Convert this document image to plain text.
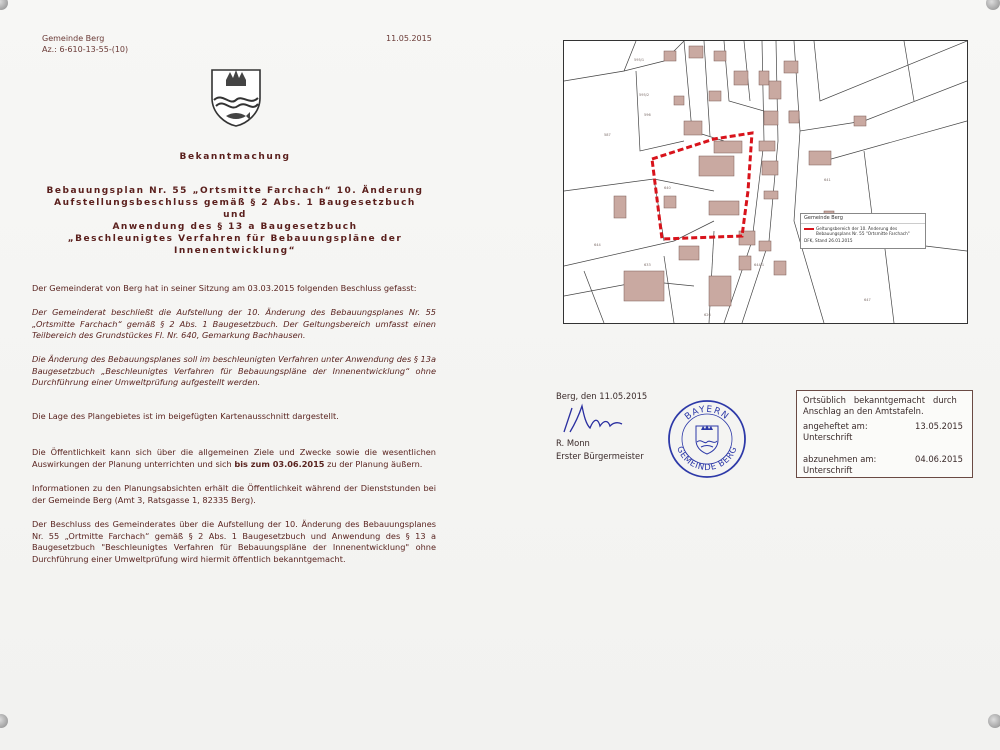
Gemeinde Berg
Az.: 6-610-13-55-(10)
11.05.2015
Bekanntmachung
Bebauungsplan Nr. 55 „Ortsmitte Farchach“ 10. Änderung
Aufstellungsbeschluss gemäß § 2 Abs. 1 Baugesetzbuch
und
Anwendung des § 13 a Baugesetzbuch
„Beschleunigtes Verfahren für Bebauungspläne der
Innenentwicklung“
Der Gemeinderat von Berg hat in seiner Sitzung am 03.03.2015 folgenden Beschluss gefasst:
Der Gemeinderat beschließt die Aufstellung der 10. Änderung des Bebauungsplanes Nr. 55 „Ortsmitte Farchach“ gemäß § 2 Abs. 1 Baugesetzbuch. Der Geltungsbereich umfasst einen Teilbereich des Grundstückes Fl. Nr. 640, Gemarkung Bachhausen.
Die Änderung des Bebauungsplanes soll im beschleunigten Verfahren unter Anwendung des § 13a Baugesetzbuch „Beschleunigtes Verfahren für Bebauungspläne der Innenentwicklung“ ohne Durchführung einer Umweltprüfung aufgestellt werden.
Die Lage des Plangebietes ist im beigefügten Kartenausschnitt dargestellt.
Die Öffentlichkeit kann sich über die allgemeinen Ziele und Zwecke sowie die wesentlichen Auswirkungen der Planung unterrichten und sich bis zum 03.06.2015 zu der Planung äußern.
Informationen zu den Planungsabsichten erhält die Öffentlichkeit während der Dienststunden bei der Gemeinde Berg (Amt 3, Ratsgasse 1, 82335 Berg).
Der Beschluss des Gemeinderates über die Aufstellung der 10. Änderung des Bebauungsplanes Nr. 55 „Ortmitte Farchach“ gemäß § 2 Abs. 1 Baugesetzbuch und Anwendung des § 13 a Baugesetzbuch "Beschleunigtes Verfahren für Bebauungspläne der Innenentwicklung" ohne Durchführung einer Umweltprüfung wird hiermit öffentlich bekanntgemacht.
595/1
595/2
596
587
640
644
633	644/1
626
641
647
Gemeinde Berg
Geltungsbereich der 10. Änderung des Bebauungsplans Nr. 55 "Ortsmitte Farchach"
DFK, Stand 26.01.2015
Berg, den 11.05.2015
R. Monn
Erster Bürgermeister
BAYERN
GEMEINDE BERG
Ortsüblich   bekanntgemacht   durch
Anschlag an den Amtstafeln.
angeheftet am:	13.05.2015
Unterschrift
abzunehmen am:	04.06.2015
Unterschrift
